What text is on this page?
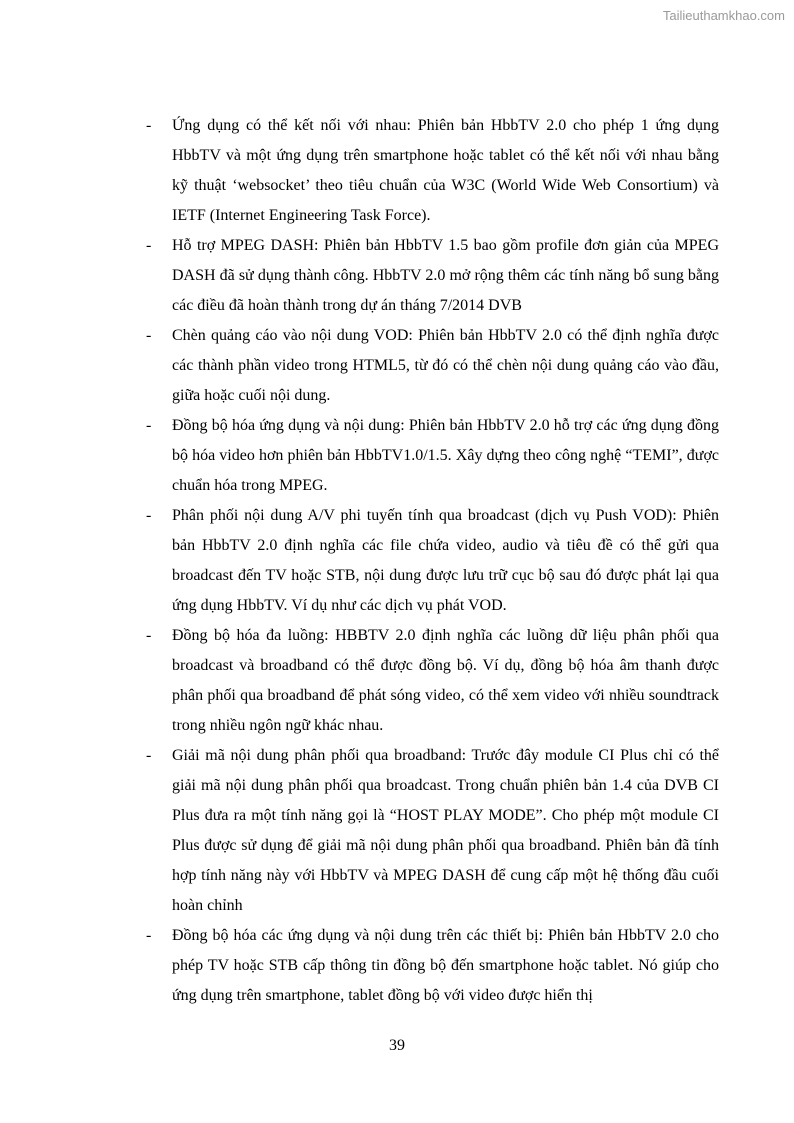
Tailieuthamkhao.com
- Ứng dụng có thể kết nối với nhau: Phiên bản HbbTV 2.0 cho phép 1 ứng dụng HbbTV và một ứng dụng trên smartphone hoặc tablet có thể kết nối với nhau bằng kỹ thuật ‘websocket’ theo tiêu chuẩn của W3C (World Wide Web Consortium) và IETF (Internet Engineering Task Force).
- Hỗ trợ MPEG DASH: Phiên bản HbbTV 1.5 bao gồm profile đơn giản của MPEG DASH đã sử dụng thành công. HbbTV 2.0 mở rộng thêm các tính năng bổ sung bằng các điều đã hoàn thành trong dự án tháng 7/2014 DVB
- Chèn quảng cáo vào nội dung VOD: Phiên bản HbbTV 2.0 có thể định nghĩa được các thành phần video trong HTML5, từ đó có thể chèn nội dung quảng cáo vào đầu, giữa hoặc cuối nội dung.
- Đồng bộ hóa ứng dụng và nội dung: Phiên bản HbbTV 2.0 hỗ trợ các ứng dụng đồng bộ hóa video hơn phiên bản HbbTV1.0/1.5. Xây dựng theo công nghệ “TEMI”, được chuẩn hóa trong MPEG.
- Phân phối nội dung A/V phi tuyến tính qua broadcast (dịch vụ Push VOD): Phiên bản HbbTV 2.0 định nghĩa các file chứa video, audio và tiêu đề có thể gửi qua broadcast đến TV hoặc STB, nội dung được lưu trữ cục bộ sau đó được phát lại qua ứng dụng HbbTV. Ví dụ như các dịch vụ phát VOD.
- Đồng bộ hóa đa luồng: HBBTV 2.0 định nghĩa các luồng dữ liệu phân phối qua broadcast và broadband có thể được đồng bộ. Ví dụ, đồng bộ hóa âm thanh được phân phối qua broadband để phát sóng video, có thể xem video với nhiều soundtrack trong nhiều ngôn ngữ khác nhau.
- Giải mã nội dung phân phối qua broadband: Trước đây module CI Plus chỉ có thể giải mã nội dung phân phối qua broadcast. Trong chuẩn phiên bản 1.4 của DVB CI Plus đưa ra một tính năng gọi là “HOST PLAY MODE”. Cho phép một module CI Plus được sử dụng để giải mã nội dung phân phối qua broadband. Phiên bản đã tính hợp tính năng này với HbbTV và MPEG DASH để cung cấp một hệ thống đầu cuối hoàn chỉnh
- Đồng bộ hóa các ứng dụng và nội dung trên các thiết bị: Phiên bản HbbTV 2.0 cho phép TV hoặc STB cấp thông tin đồng bộ đến smartphone hoặc tablet. Nó giúp cho ứng dụng trên smartphone, tablet đồng bộ với video được hiển thị
39
